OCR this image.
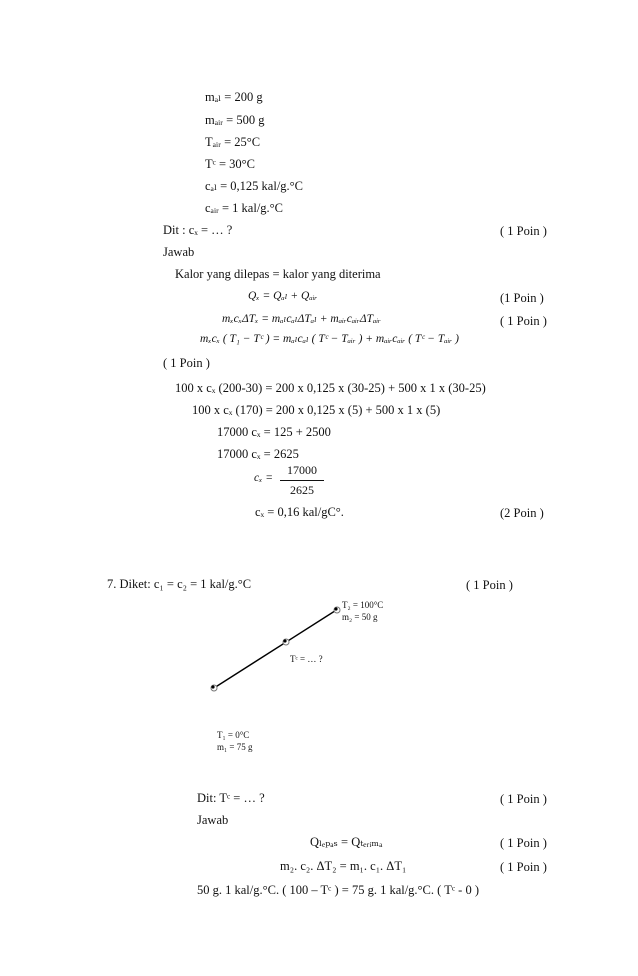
mₐₗ = 200 g
mₐᵢᵣ = 500 g
Tₐᵢᵣ = 25°C
Tᶜ = 30°C
cₐₗ = 0,125 kal/g.°C
cₐᵢᵣ = 1 kal/g.°C
Dit : cₓ = … ?	( 1 Poin )
Jawab
Kalor yang dilepas = kalor yang diterima
Qₓ = Qₐₗ + Qₐᵢᵣ	(1 Poin )
mₓcₓΔTₓ = mₐₗcₐₗΔTₐₗ + mₐᵢᵣcₐᵢᵣΔTₐᵢᵣ	( 1 Poin )
mₓcₓ ( T₁ − Tᶜ ) = mₐₗcₐₗ ( Tᶜ − Tₐᵢᵣ ) + mₐᵢᵣcₐᵢᵣ ( Tᶜ − Tₐᵢᵣ )
( 1 Poin )
100 x cₓ (200-30) = 200 x 0,125 x (30-25) + 500 x 1 x (30-25)
100 x cₓ (170) = 200 x 0,125 x (5) + 500 x 1 x (5)
17000 cₓ = 125 + 2500
17000 cₓ = 2625
$c_x = \frac{17000}{2625}$
cₓ = 0,16 kal/gC°.	(2 Poin )
7. Diket: c₁ = c₂ = 1 kal/g.°C	( 1 Poin )
T₂ = 100°C
m₂ = 50 g
Tᶜ = … ?
T₁ = 0°C
m₁ = 75 g
Dit: Tᶜ = … ?	( 1 Poin )
Jawab
Qₗₑₚₐₛ = Qₜₑᵣᵢₘₐ	( 1 Poin )
m₂. c₂. ΔT₂ = m₁. c₁. ΔT₁	( 1 Poin )
50 g. 1 kal/g.°C. ( 100 – Tᶜ ) = 75 g. 1 kal/g.°C. ( Tᶜ - 0 )
